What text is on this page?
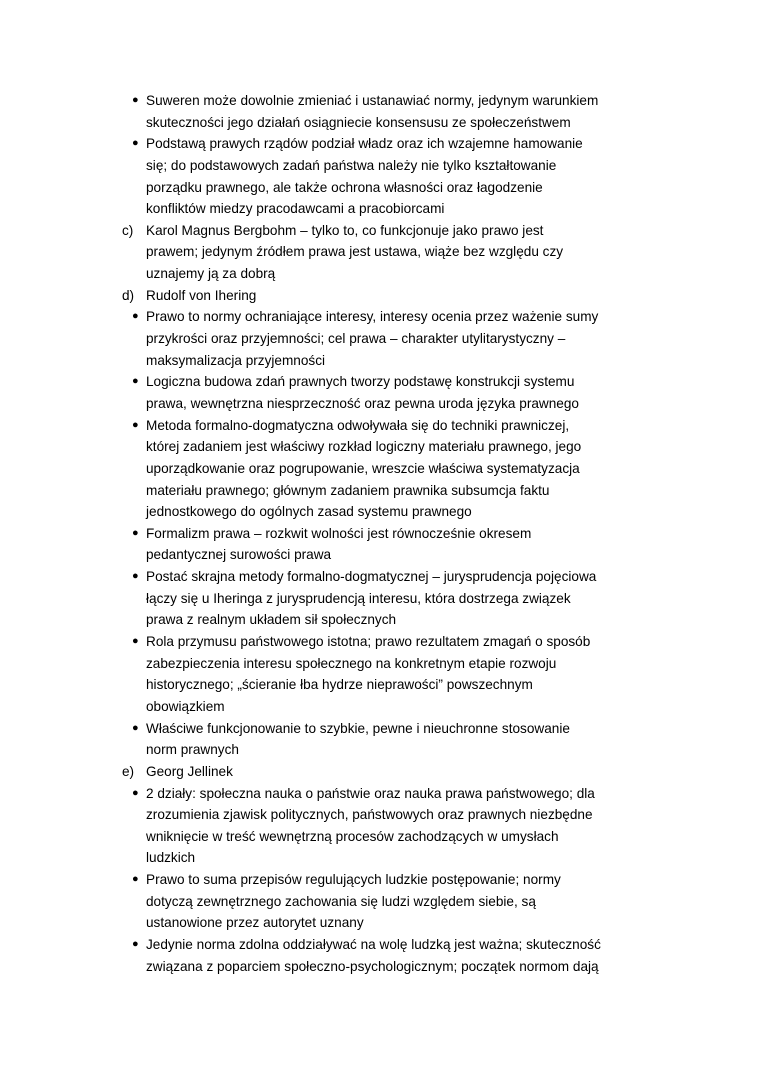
● Suweren może dowolnie zmieniać i ustanawiać normy, jedynym warunkiem
skuteczności jego działań osiągniecie konsensusu ze społeczeństwem
● Podstawą prawych rządów podział władz oraz ich wzajemne hamowanie
się; do podstawowych zadań państwa należy nie tylko kształtowanie
porządku prawnego, ale także ochrona własności oraz łagodzenie
konfliktów miedzy pracodawcami a pracobiorcami
c) Karol Magnus Bergbohm – tylko to, co funkcjonuje jako prawo jest
prawem; jedynym źródłem prawa jest ustawa, wiąże bez względu czy
uznajemy ją za dobrą
d) Rudolf von Ihering
● Prawo to normy ochraniające interesy, interesy ocenia przez ważenie sumy
przykrości oraz przyjemności; cel prawa – charakter utylitarystyczny –
maksymalizacja przyjemności
● Logiczna budowa zdań prawnych tworzy podstawę konstrukcji systemu
prawa, wewnętrzna niesprzeczność oraz pewna uroda języka prawnego
● Metoda formalno-dogmatyczna odwoływała się do techniki prawniczej,
której zadaniem jest właściwy rozkład logiczny materiału prawnego, jego
uporządkowanie oraz pogrupowanie, wreszcie właściwa systematyzacja
materiału prawnego; głównym zadaniem prawnika subsumcja faktu
jednostkowego do ogólnych zasad systemu prawnego
● Formalizm prawa – rozkwit wolności jest równocześnie okresem
pedantycznej surowości prawa
● Postać skrajna metody formalno-dogmatycznej – jurysprudencja pojęciowa
łączy się u Iheringa z jurysprudencją interesu, która dostrzega związek
prawa z realnym układem sił społecznych
● Rola przymusu państwowego istotna; prawo rezultatem zmagań o sposób
zabezpieczenia interesu społecznego na konkretnym etapie rozwoju
historycznego; „ścieranie łba hydrze nieprawości” powszechnym
obowiązkiem
● Właściwe funkcjonowanie to szybkie, pewne i nieuchronne stosowanie
norm prawnych
e) Georg Jellinek
● 2 działy: społeczna nauka o państwie oraz nauka prawa państwowego; dla
zrozumienia zjawisk politycznych, państwowych oraz prawnych niezbędne
wniknięcie w treść wewnętrzną procesów zachodzących w umysłach
ludzkich
● Prawo to suma przepisów regulujących ludzkie postępowanie; normy
dotyczą zewnętrznego zachowania się ludzi względem siebie, są
ustanowione przez autorytet uznany
● Jedynie norma zdolna oddziaływać na wolę ludzką jest ważna; skuteczność
związana z poparciem społeczno-psychologicznym; początek normom dają
